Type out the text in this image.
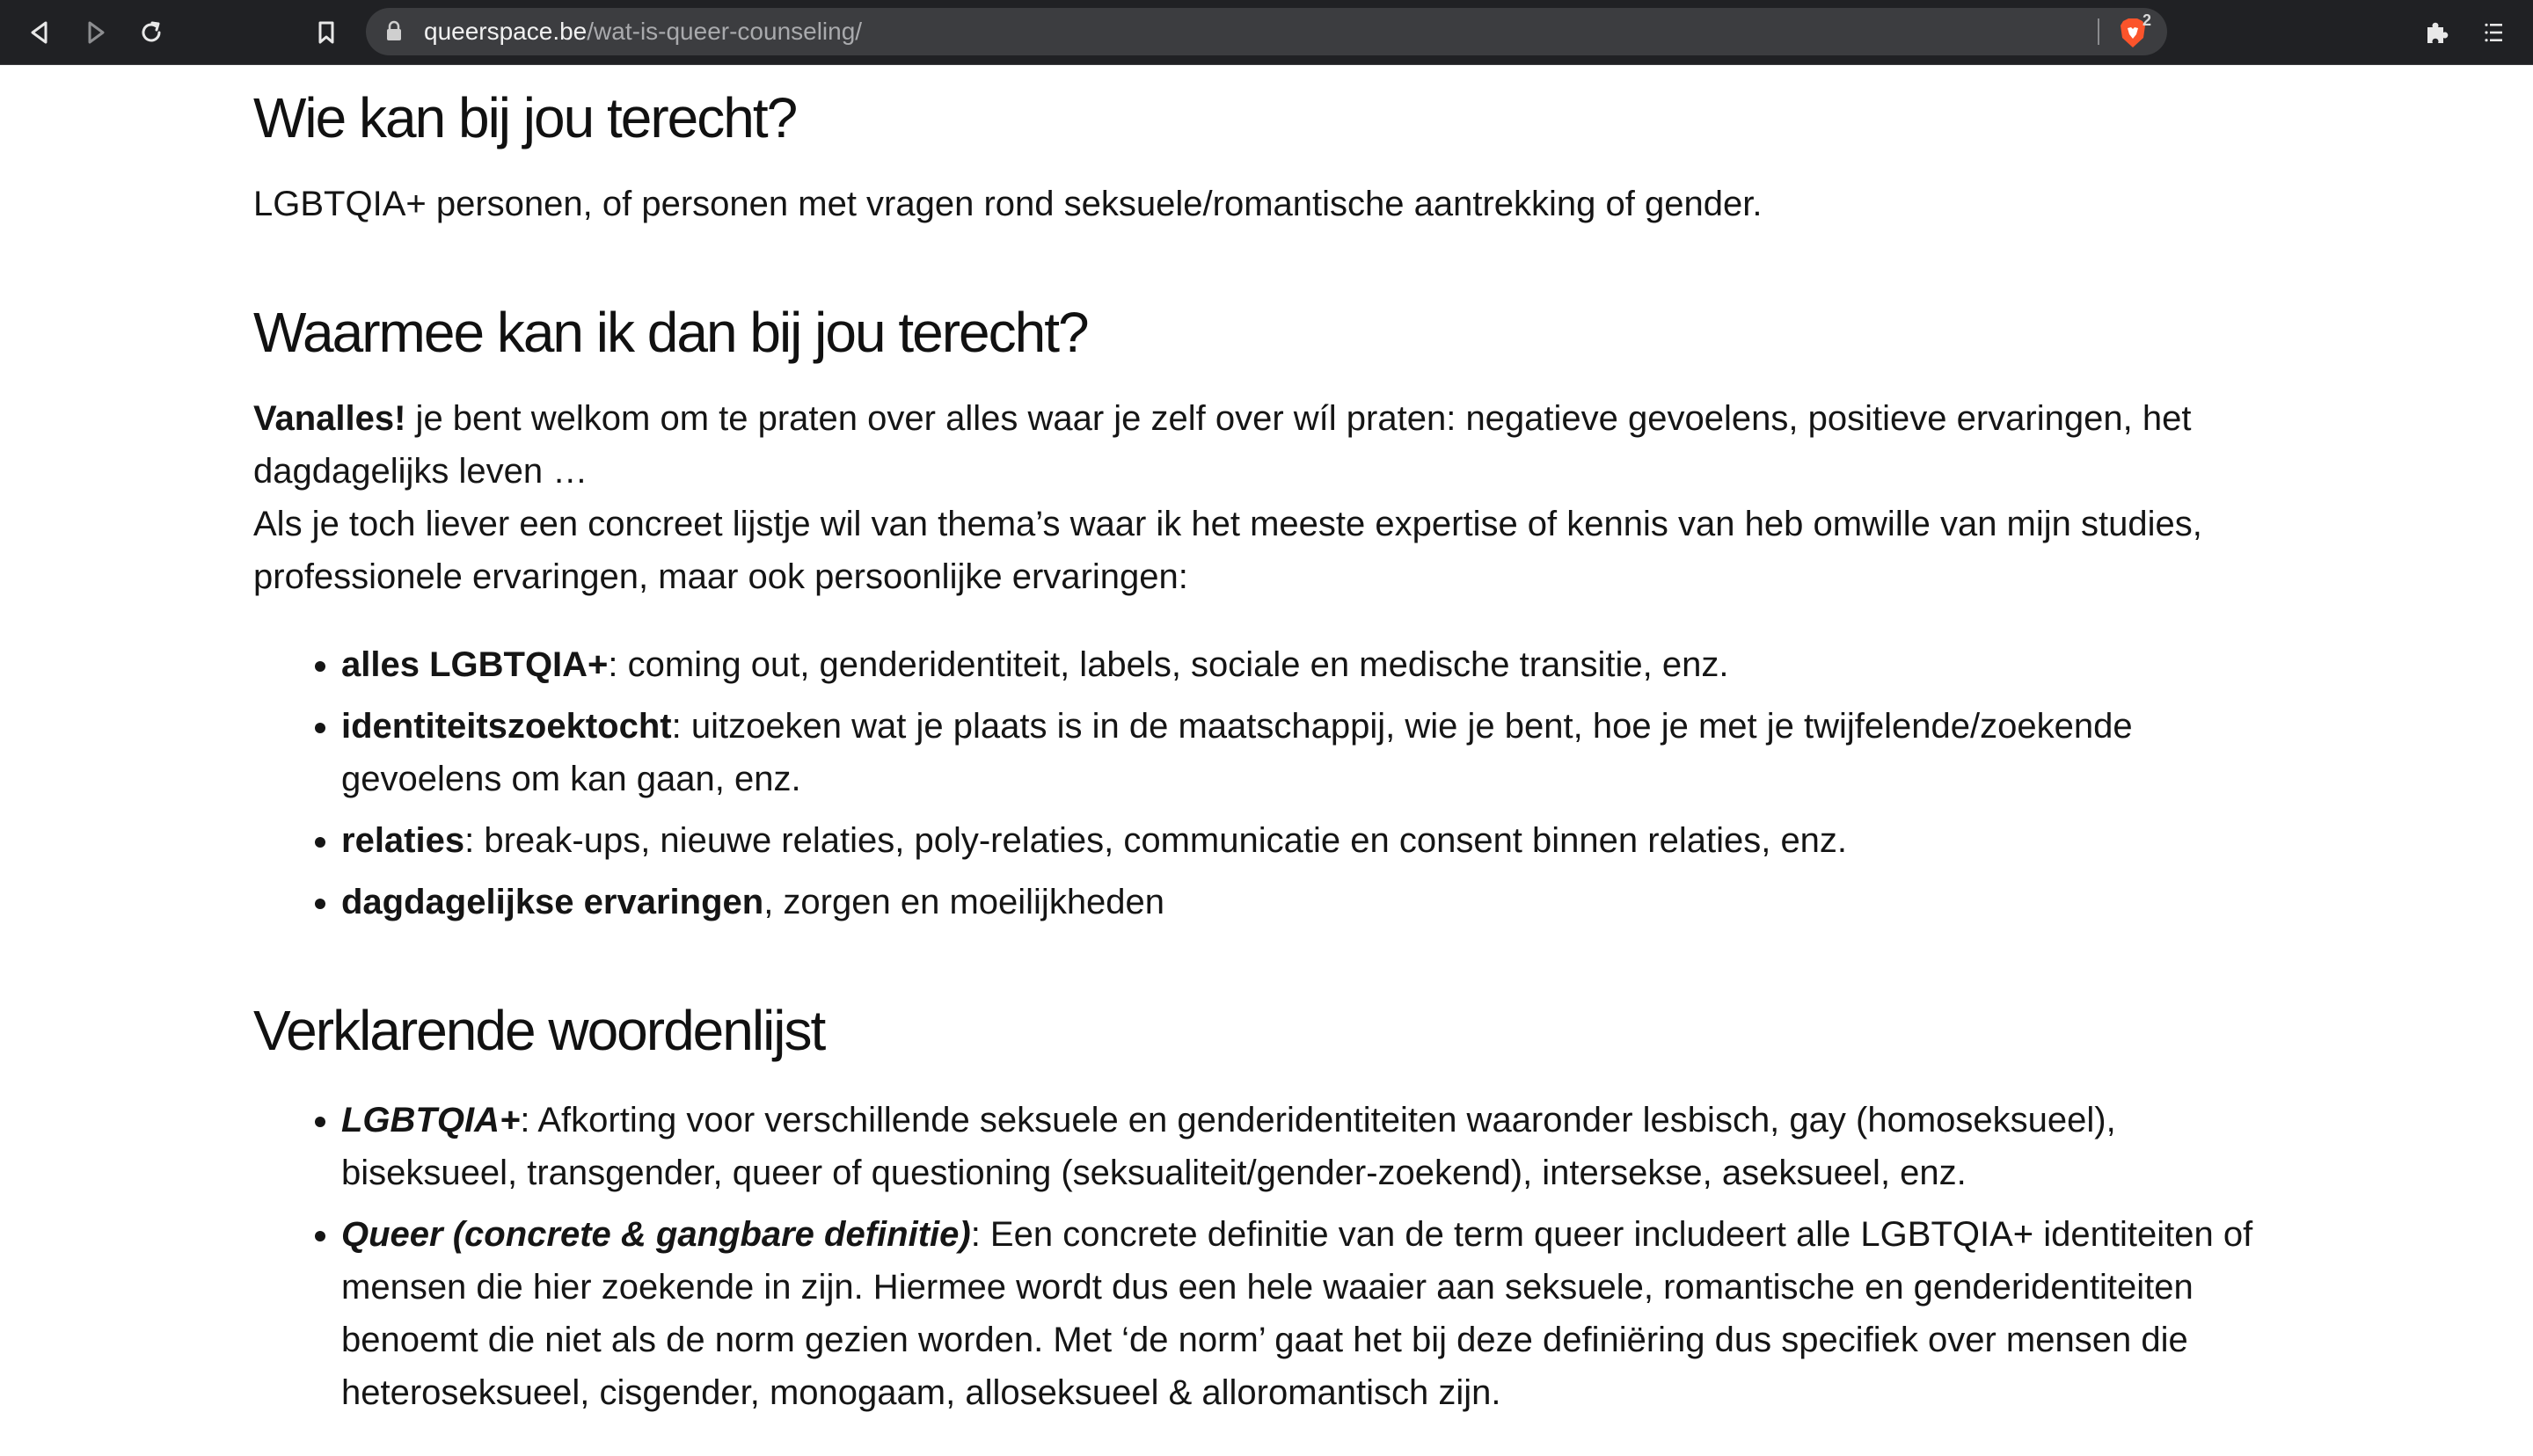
queerspace.be/wat-is-queer-counseling/	2
Wie kan bij jou terecht?

LGBTQIA+ personen, of personen met vragen rond seksuele/romantische aantrekking of gender.

Waarmee kan ik dan bij jou terecht?

Vanalles! je bent welkom om te praten over alles waar je zelf over wíl praten: negatieve gevoelens, positieve ervaringen, het dagdagelijks leven …

Als je toch liever een concreet lijstje wil van thema’s waar ik het meeste expertise of kennis van heb omwille van mijn studies, professionele ervaringen, maar ook persoonlijke ervaringen:

• alles LGBTQIA+: coming out, genderidentiteit, labels, sociale en medische transitie, enz.
• identiteitszoektocht: uitzoeken wat je plaats is in de maatschappij, wie je bent, hoe je met je twijfelende/zoekende gevoelens om kan gaan, enz.
• relaties: break-ups, nieuwe relaties, poly-relaties, communicatie en consent binnen relaties, enz.
• dagdagelijkse ervaringen, zorgen en moeilijkheden
Verklarende woordenlijst
• LGBTQIA+: Afkorting voor verschillende seksuele en genderidentiteiten waaronder lesbisch, gay (homoseksueel), biseksueel, transgender, queer of questioning (seksualiteit/gender-zoekend), intersekse, aseksueel, enz.
• Queer (concrete & gangbare definitie): Een concrete definitie van de term queer includeert alle LGBTQIA+ identiteiten of mensen die hier zoekende in zijn. Hiermee wordt dus een hele waaier aan seksuele, romantische en genderidentiteiten benoemt die niet als de norm gezien worden. Met ‘de norm’ gaat het bij deze definiëring dus specifiek over mensen die heteroseksueel, cisgender, monogaam, alloseksueel & alloromantisch zijn.
